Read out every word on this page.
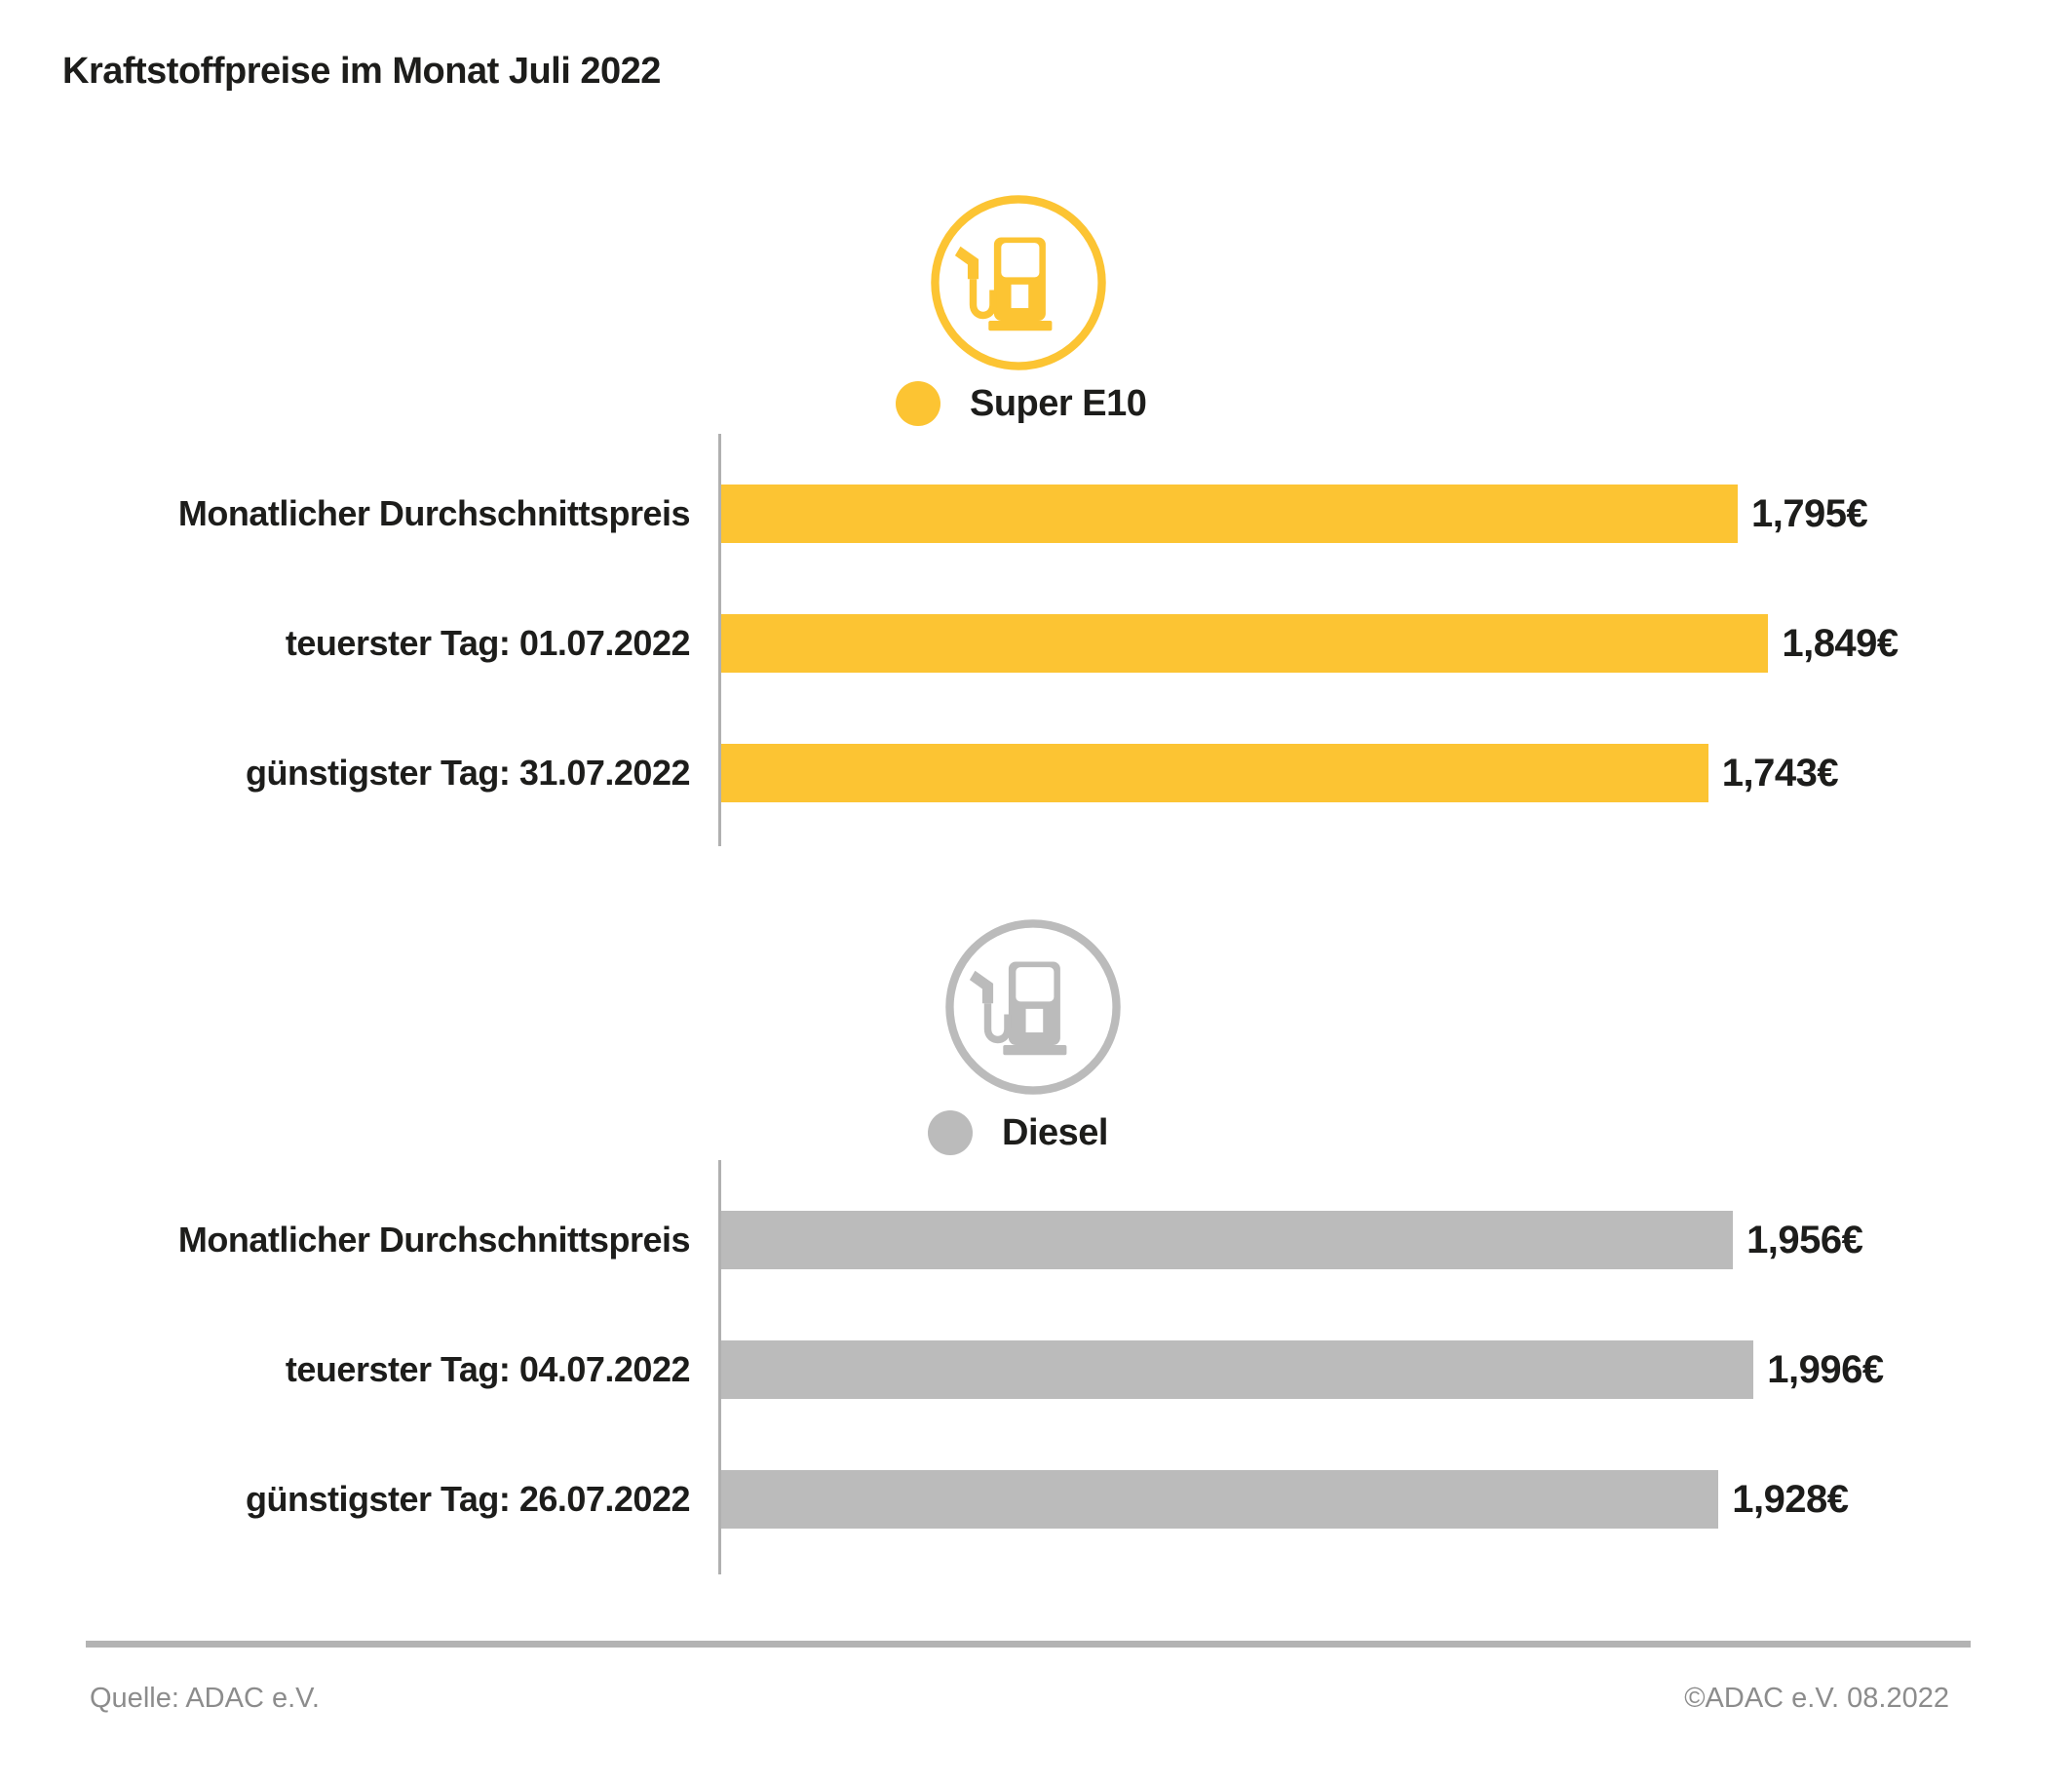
Kraftstoffpreise im Monat Juli 2022
Super E10
Monatlicher Durchschnittspreis	1,795€
teuerster Tag: 01.07.2022	1,849€
günstigster Tag: 31.07.2022	1,743€
Diesel
Monatlicher Durchschnittspreis	1,956€
teuerster Tag: 04.07.2022	1,996€
günstigster Tag: 26.07.2022	1,928€
Quelle: ADAC e.V.	©ADAC e.V. 08.2022
